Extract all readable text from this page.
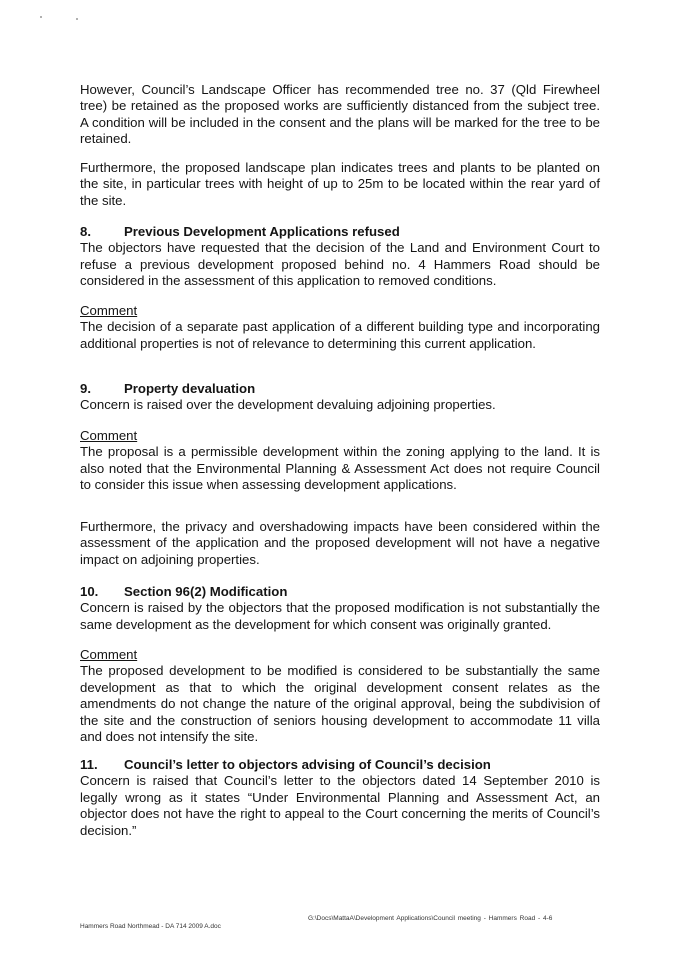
However, Council’s Landscape Officer has recommended tree no. 37 (Qld Firewheel tree) be retained as the proposed works are sufficiently distanced from the subject tree. A condition will be included in the consent and the plans will be marked for the tree to be retained.

Furthermore, the proposed landscape plan indicates trees and plants to be planted on the site, in particular trees with height of up to 25m to be located within the rear yard of the site.

8.	Previous Development Applications refused

The objectors have requested that the decision of the Land and Environment Court to refuse a previous development proposed behind no. 4 Hammers Road should be considered in the assessment of this application to removed conditions.

Comment

The decision of a separate past application of a different building type and incorporating additional properties is not of relevance to determining this current application.

9.	Property devaluation

Concern is raised over the development devaluing adjoining properties.

Comment

The proposal is a permissible development within the zoning applying to the land. It is also noted that the Environmental Planning & Assessment Act does not require Council to consider this issue when assessing development applications.

Furthermore, the privacy and overshadowing impacts have been considered within the assessment of the application and the proposed development will not have a negative impact on adjoining properties.

10. Section 96(2) Modification

Concern is raised by the objectors that the proposed modification is not substantially the same development as the development for which consent was originally granted.

Comment

The proposed development to be modified is considered to be substantially the same development as that to which the original development consent relates as the amendments do not change the nature of the original approval, being the subdivision of the site and the construction of seniors housing development to accommodate 11 villa and does not intensify the site.

11. Council’s letter to objectors advising of Council’s decision

Concern is raised that Council’s letter to the objectors dated 14 September 2010 is legally wrong as it states “Under Environmental Planning and Assessment Act, an objector does not have the right to appeal to the Court concerning the merits of Council’s decision.”

G:\Docs\MattaA\Development Applications\Council meeting - Hammers Road - 4-6
Hammers Road Northmead - DA 714 2009 A.doc
